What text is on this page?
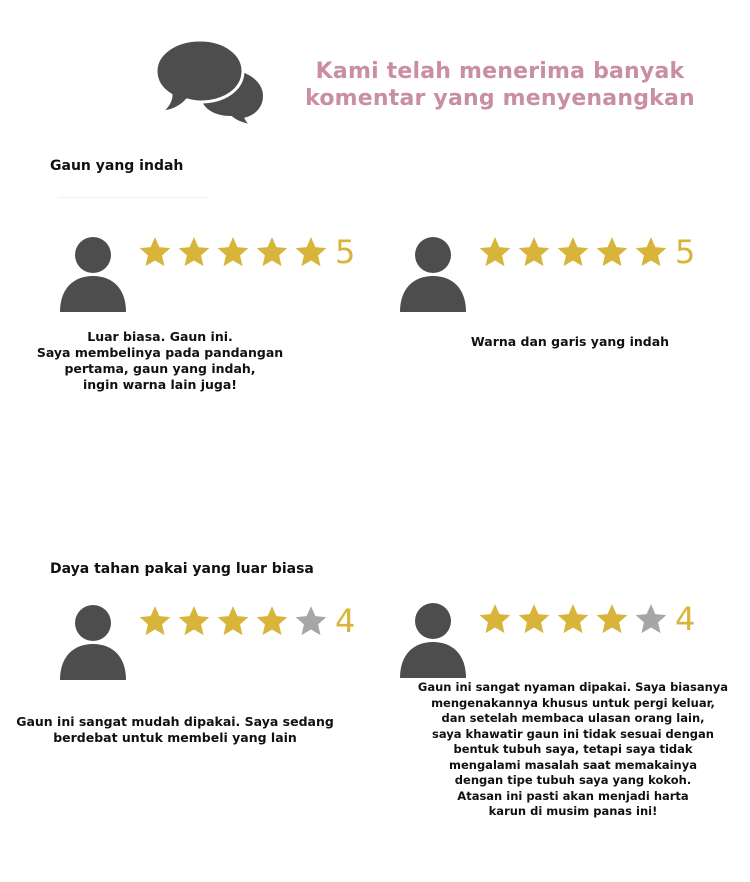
Kami telah menerima banyak
komentar yang menyenangkan
Gaun yang indah
5
Luar biasa. Gaun ini.
Saya membelinya pada pandangan
pertama, gaun yang indah,
ingin warna lain juga!
5
Warna dan garis yang indah
Daya tahan pakai yang luar biasa
4
Gaun ini sangat mudah dipakai. Saya sedang
berdebat untuk membeli yang lain
4
Gaun ini sangat nyaman dipakai. Saya biasanya
mengenakannya khusus untuk pergi keluar,
dan setelah membaca ulasan orang lain,
saya khawatir gaun ini tidak sesuai dengan
bentuk tubuh saya, tetapi saya tidak
mengalami masalah saat memakainya
dengan tipe tubuh saya yang kokoh.
Atasan ini pasti akan menjadi harta
karun di musim panas ini!
